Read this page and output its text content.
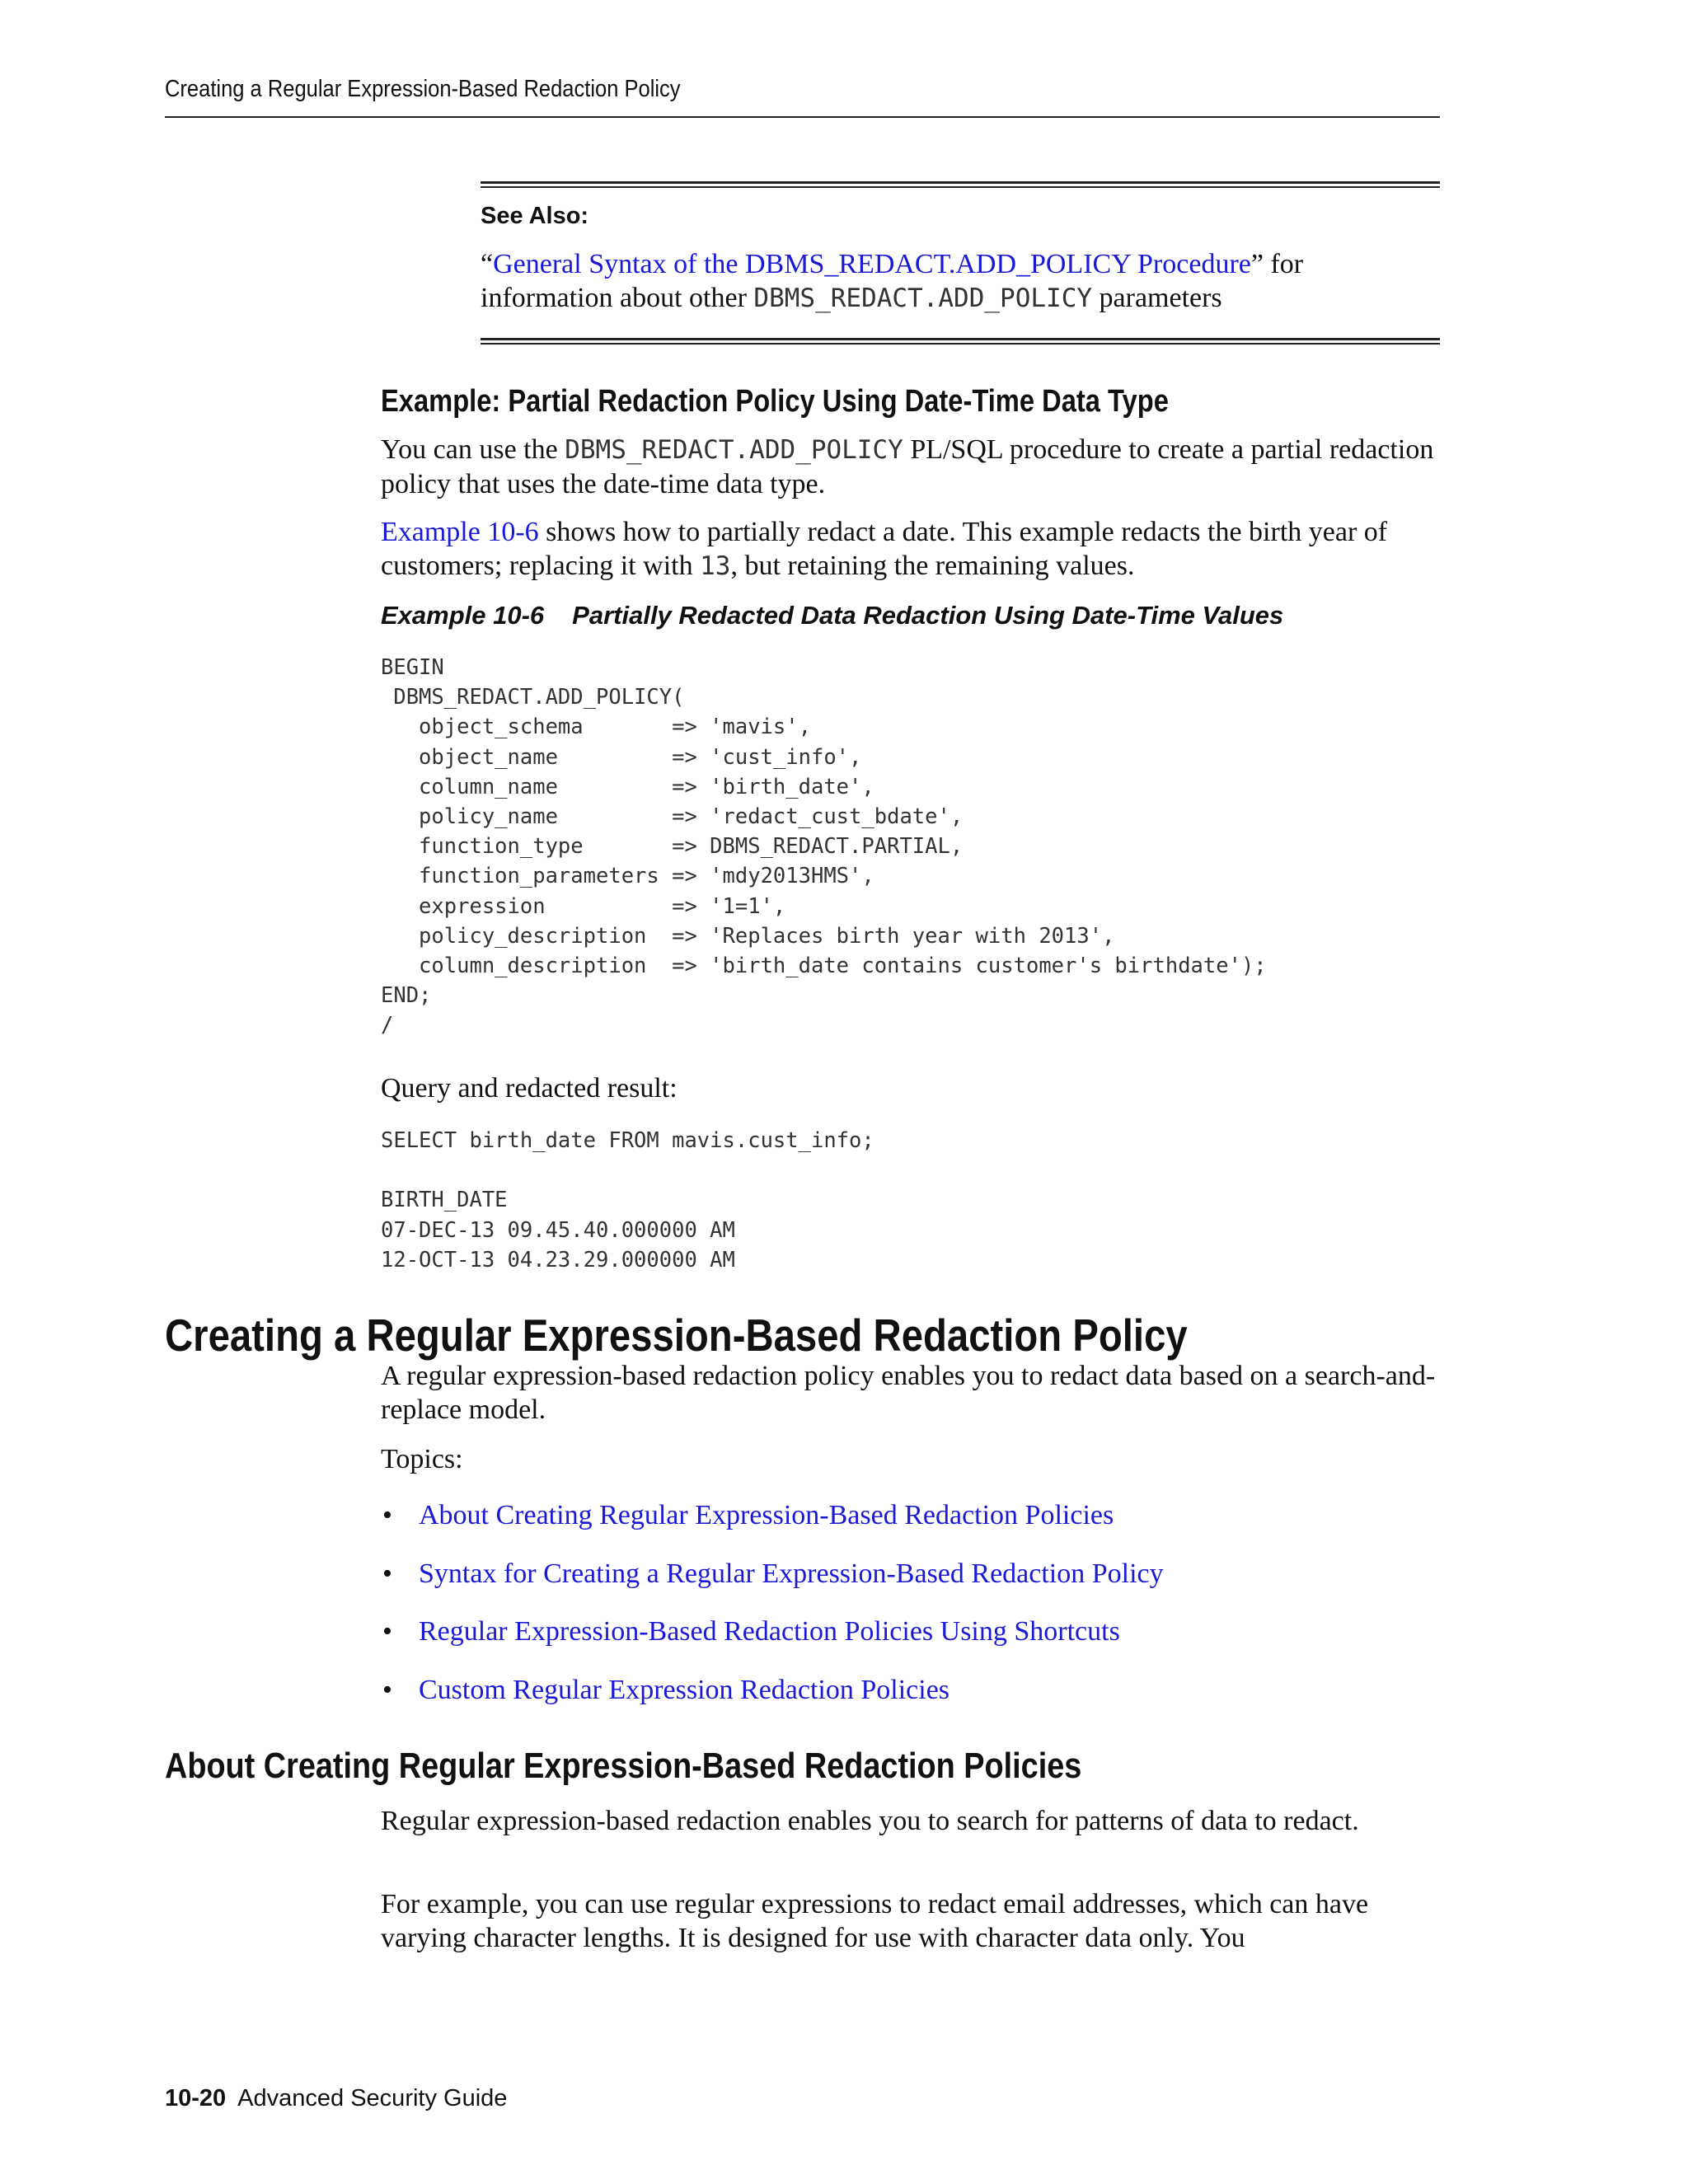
Creating a Regular Expression-Based Redaction Policy
See Also:
“General Syntax of the DBMS_REDACT.ADD_POLICY Procedure” for
information about other DBMS_REDACT.ADD_POLICY parameters
Example: Partial Redaction Policy Using Date-Time Data Type
You can use the DBMS_REDACT.ADD_POLICY PL/SQL procedure to create a partial redaction policy that uses the date-time data type.
Example 10-6 shows how to partially redact a date. This example redacts the birth year of customers; replacing it with 13, but retaining the remaining values.
Example 10-6 Partially Redacted Data Redaction Using Date-Time Values
BEGIN
DBMS_REDACT.ADD_POLICY(
object_schema       => 'mavis',
object_name         => 'cust_info',
column_name         => 'birth_date',
policy_name         => 'redact_cust_bdate',
function_type       => DBMS_REDACT.PARTIAL,
function_parameters => 'mdy2013HMS',
expression          => '1=1',
policy_description  => 'Replaces birth year with 2013',
column_description  => 'birth_date contains customer's birthdate');
END;
/
Query and redacted result:
SELECT birth_date FROM mavis.cust_info;

BIRTH_DATE
07-DEC-13 09.45.40.000000 AM
12-OCT-13 04.23.29.000000 AM
Creating a Regular Expression-Based Redaction Policy
A regular expression-based redaction policy enables you to redact data based on a search-and-replace model.
Topics:
• About Creating Regular Expression-Based Redaction Policies
• Syntax for Creating a Regular Expression-Based Redaction Policy
• Regular Expression-Based Redaction Policies Using Shortcuts
• Custom Regular Expression Redaction Policies
About Creating Regular Expression-Based Redaction Policies
Regular expression-based redaction enables you to search for patterns of data to redact.
For example, you can use regular expressions to redact email addresses, which can have varying character lengths. It is designed for use with character data only. You
10-20 Advanced Security Guide
